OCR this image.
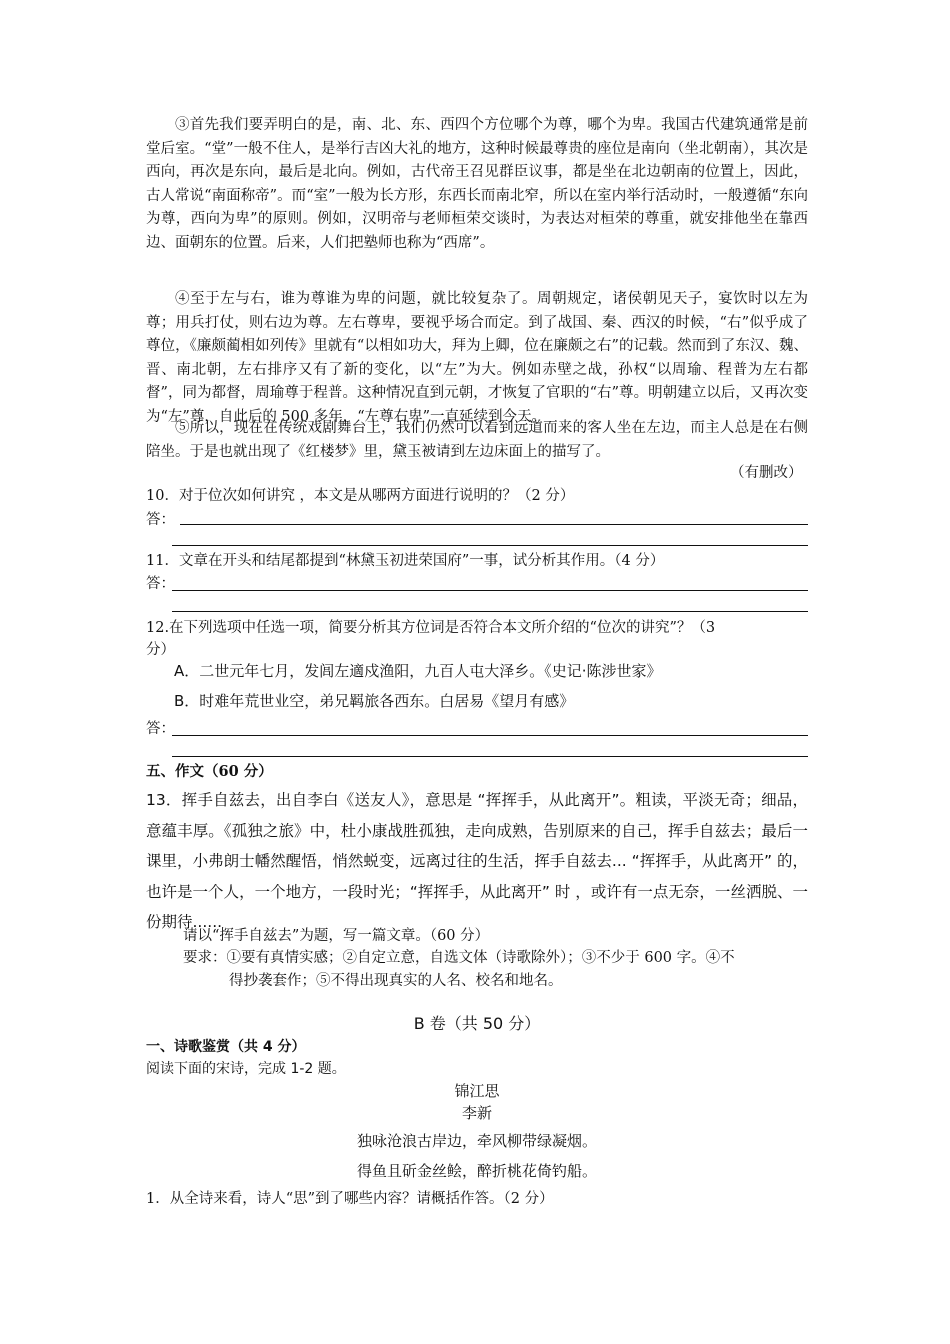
③首先我们要弄明白的是，南、北、东、西四个方位哪个为尊，哪个为卑。我国古代建筑通常是前堂后室。“堂”一般不住人，是举行吉凶大礼的地方，这种时候最尊贵的座位是南向（坐北朝南），其次是西向，再次是东向，最后是北向。例如，古代帝王召见群臣议事，都是坐在北边朝南的位置上，因此，古人常说“南面称帝”。而“室”一般为长方形，东西长而南北窄，所以在室内举行活动时，一般遵循“东向为尊，西向为卑”的原则。例如，汉明帝与老师桓荣交谈时，为表达对桓荣的尊重，就安排他坐在靠西边、面朝东的位置。后来，人们把塾师也称为“西席”。

④至于左与右，谁为尊谁为卑的问题，就比较复杂了。周朝规定，诸侯朝见天子，宴饮时以左为尊；用兵打仗，则右边为尊。左右尊卑，要视乎场合而定。到了战国、秦、西汉的时候，“右”似乎成了尊位，《廉颇蔺相如列传》里就有“以相如功大，拜为上卿，位在廉颇之右”的记载。然而到了东汉、魏、晋、南北朝，左右排序又有了新的变化，以“左”为大。例如赤壁之战，孙权“以周瑜、程普为左右都督”，同为都督，周瑜尊于程普。这种情况直到元朝，才恢复了官职的“右”尊。明朝建立以后，又再次变为“左”尊，自此后的 500 多年，“左尊右卑”一直延续到今天。

⑤所以，现在在传统戏剧舞台上，我们仍然可以看到远道而来的客人坐在左边，而主人总是在右侧陪坐。于是也就出现了《红楼梦》里，黛玉被请到左边床面上的描写了。

（有删改）

10．对于位次如何讲究 ，本文是从哪两方面进行说明的？（2 分）

答：

11．文章在开头和结尾都提到“林黛玉初进荣国府”一事，试分析其作用。（4 分）

答：

12.在下列选项中任选一项，简要分析其方位词是否符合本文所介绍的“位次的讲究”？（3

分）

A．二世元年七月，发闾左適戍渔阳，九百人屯大泽乡。《史记·陈涉世家》

B．时难年荒世业空，弟兄羁旅各西东。白居易《望月有感》

答：

五、作文（60 分）

13．挥手自兹去，出自李白《送友人》，意思是 “挥挥手，从此离开”。粗读，平淡无奇；细品，意蕴丰厚。《孤独之旅》中，杜小康战胜孤独，走向成熟，告别原来的自己，挥手自兹去；最后一课里，小弗朗士幡然醒悟，悄然蜕变，远离过往的生活，挥手自兹去... “挥挥手，从此离开” 的，也许是一个人，一个地方，一段时光；“挥挥手，从此离开” 时 ，或许有一点无奈，一丝洒脱、一份期待......

请以“挥手自兹去”为题，写一篇文章。（60 分）

要求：①要有真情实感；②自定立意，自选文体（诗歌除外）；③不少于 600 字。④不

得抄袭套作；⑤不得出现真实的人名、校名和地名。

B 卷（共 50 分）

一、诗歌鉴赏（共 4 分）

阅读下面的宋诗，完成 1-2 题。

锦江思

李新

独咏沧浪古岸边，牵风柳带绿凝烟。

得鱼且斫金丝鲙，醉折桃花倚钓船。

1．从全诗来看，诗人“思”到了哪些内容？请概括作答。（2 分）
